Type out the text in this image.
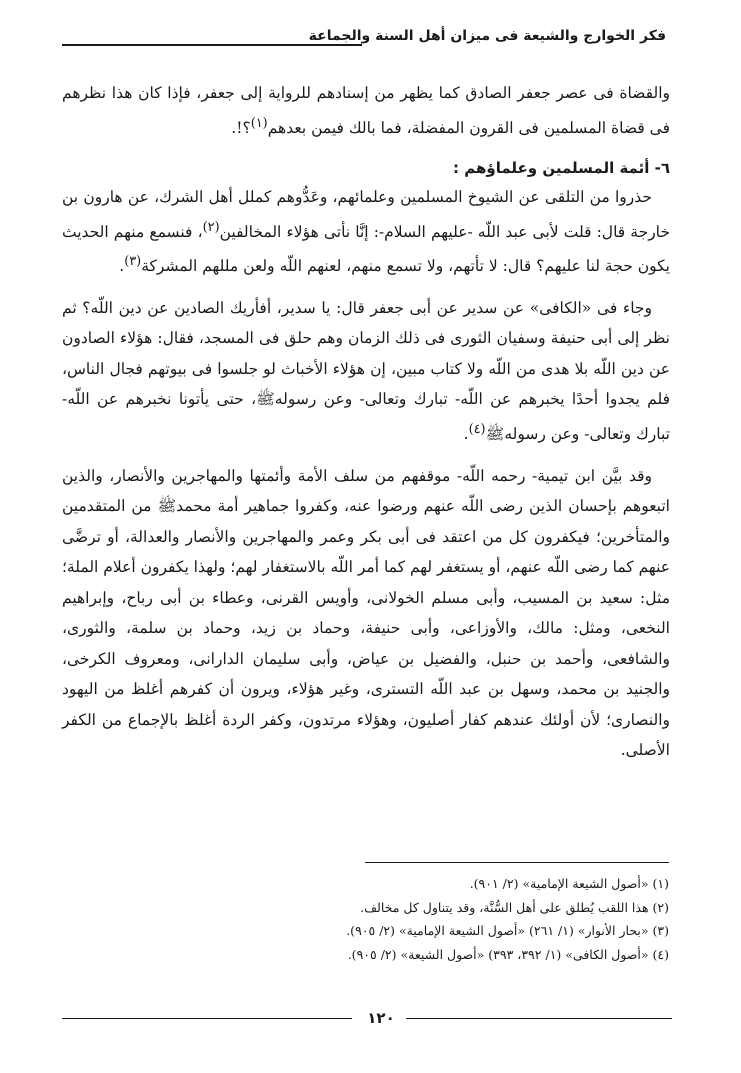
فكر الخوارج والشيعة فى ميزان أهل السنة والجماعة

والقضاة فى عصر جعفر الصادق كما يظهر من إسنادهم للرواية إلى جعفر، فإذا كان هذا نظرهم فى قضاة المسلمين فى القرون المفضلة، فما بالك فيمن بعدهم$^{(١)}$؟!.

٦- أئمة المسلمين وعلماؤهم :

حذروا من التلقى عن الشيوخ المسلمين وعلمائهم، وعَدُّوهم كملل أهل الشرك، عن هارون بن خارجة قال: قلت لأبى عبد اللّه -عليهم السلام-: إنَّا نأتى هؤلاء المخالفين$^{(٢)}$، فنسمع منهم الحديث يكون حجة لنا عليهم؟ قال: لا تأتهم، ولا تسمع منهم، لعنهم اللّه ولعن مللهم المشركة$^{(٣)}$.

وجاء فى «الكافى» عن سدير عن أبى جعفر قال: يا سدير، أفأريك الصادين عن دين اللّه؟ ثم نظر إلى أبى حنيفة وسفيان الثورى فى ذلك الزمان وهم حلق فى المسجد، فقال: هؤلاء الصادون عن دين اللّه بلا هدى من اللّه ولا كتاب مبين، إن هؤلاء الأخباث لو جلسوا فى بيوتهم فجال الناس، فلم يجدوا أحدًا يخبرهم عن اللّه- تبارك وتعالى- وعن رسولهﷺ، حتى يأتونا نخبرهم عن اللّه- تبارك وتعالى- وعن رسولهﷺ$^{(٤)}$.

وقد بيَّن ابن تيمية- رحمه اللّه- موقفهم من سلف الأمة وأئمتها والمهاجرين والأنصار، والذين اتبعوهم بإحسان الذين رضى اللّه عنهم ورضوا عنه، وكفروا جماهير أمة محمدﷺ من المتقدمين والمتأخرين؛ فيكفرون كل من اعتقد فى أبى بكر وعمر والمهاجرين والأنصار والعدالة، أو ترضَّى عنهم كما رضى اللّه عنهم، أو يستغفر لهم كما أمر اللّه بالاستغفار لهم؛ ولهذا يكفرون أعلام الملة؛ مثل: سعيد بن المسيب، وأبى مسلم الخولانى، وأويس القرنى، وعطاء بن أبى رباح، وإبراهيم النخعى، ومثل: مالك، والأوزاعى، وأبى حنيفة، وحماد بن زيد، وحماد بن سلمة، والثورى، والشافعى، وأحمد بن حنبل، والفضيل بن عياض، وأبى سليمان الدارانى، ومعروف الكرخى، والجنيد بن محمد، وسهل بن عبد اللّه التسترى، وغير هؤلاء، ويرون أن كفرهم أغلظ من اليهود والنصارى؛ لأن أولئك عندهم كفار أصليون، وهؤلاء مرتدون، وكفر الردة أغلظ بالإجماع من الكفر الأصلى.

(١) «أصول الشيعة الإمامية» (٢/ ٩٠١).
(٢) هذا اللقب يُطلق على أهل السُّنَّة، وقد يتناول كل مخالف.
(٣) «بحار الأنوار» (١/ ٢٦١) «أصول الشيعة الإمامية» (٢/ ٩٠٥).
(٤) «أصول الكافى» (١/ ٣٩٢، ٣٩٣) «أصول الشيعة» (٢/ ٩٠٥).
١٢٠
